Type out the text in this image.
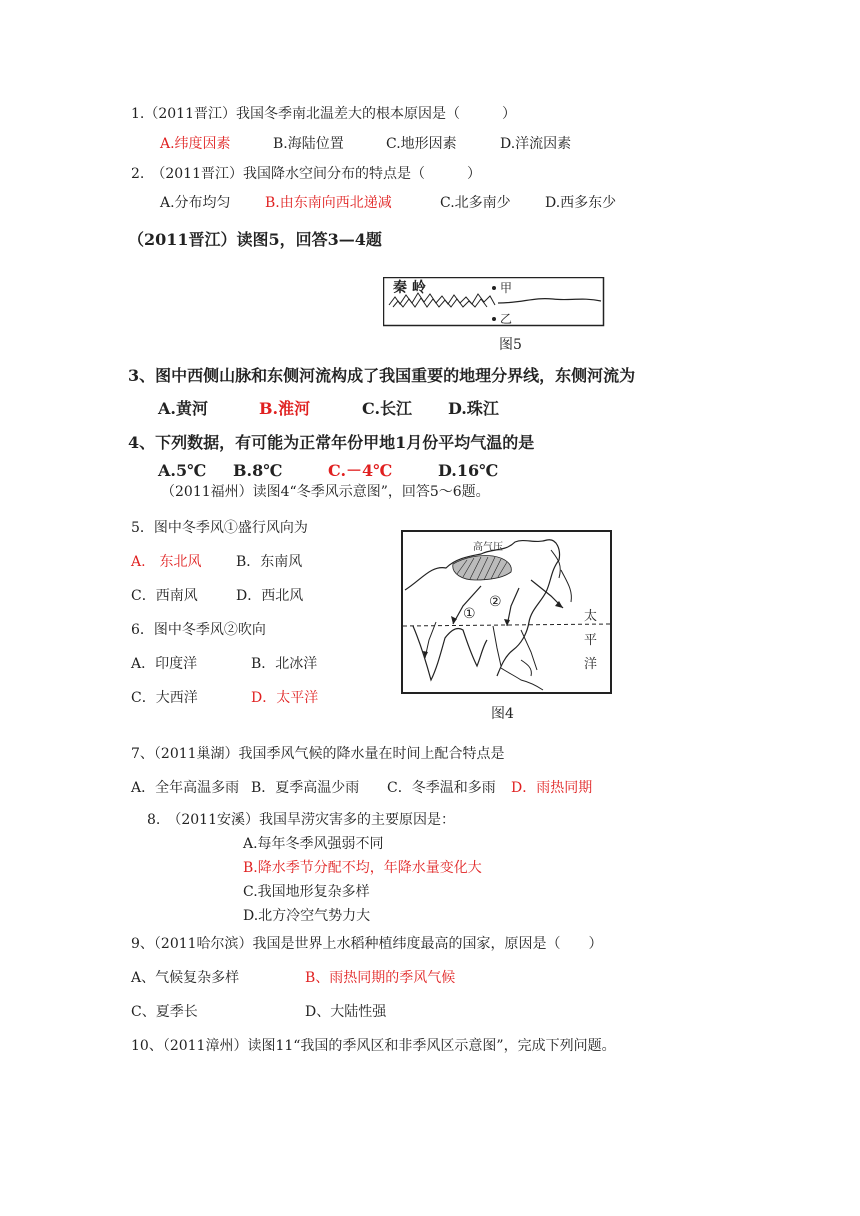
1.（2011晋江）我国冬季南北温差大的根本原因是（　　　）
A.纬度因素	B.海陆位置	C.地形因素	D.洋流因素
2.　（2011晋江）我国降水空间分布的特点是（　　　）
A.分布均匀 B.由东南向西北递减	C.北多南少 D.西多东少
（2011晋江）读图5，回答3—4题
秦 岭	甲
乙
图5
3、图中西侧山脉和东侧河流构成了我国重要的地理分界线，东侧河流为
A.黄河	B.淮河	C.长江 D.珠江
4、下列数据，有可能为正常年份甲地1月份平均气温的是
A.5℃ B.8℃	C.－4℃	D.16℃
（2011福州）读图4“冬季风示意图”，回答5～6题。
5．图中冬季风①盛行风向为
A.　东北风 B．东南风
C．西南风	D．西北风
6．图中冬季风②吹向
A．印度洋	B．北冰洋
C．大西洋	D．太平洋
高气压
①
②
太
平
洋
图4
7、（2011巢湖）我国季风气候的降水量在时间上配合特点是
A．全年高温多雨 B．夏季高温少雨 C．冬季温和多雨 D．雨热同期
8.　（2011安溪）我国旱涝灾害多的主要原因是：
A.每年冬季风强弱不同
B.降水季节分配不均，年降水量变化大
C.我国地形复杂多样
D.北方冷空气势力大
9、（2011哈尔滨）我国是世界上水稻种植纬度最高的国家，原因是（　　）
A、气候复杂多样	B、雨热同期的季风气候
C、夏季长	D、大陆性强
10、（2011漳州）读图11“我国的季风区和非季风区示意图”，完成下列问题。
